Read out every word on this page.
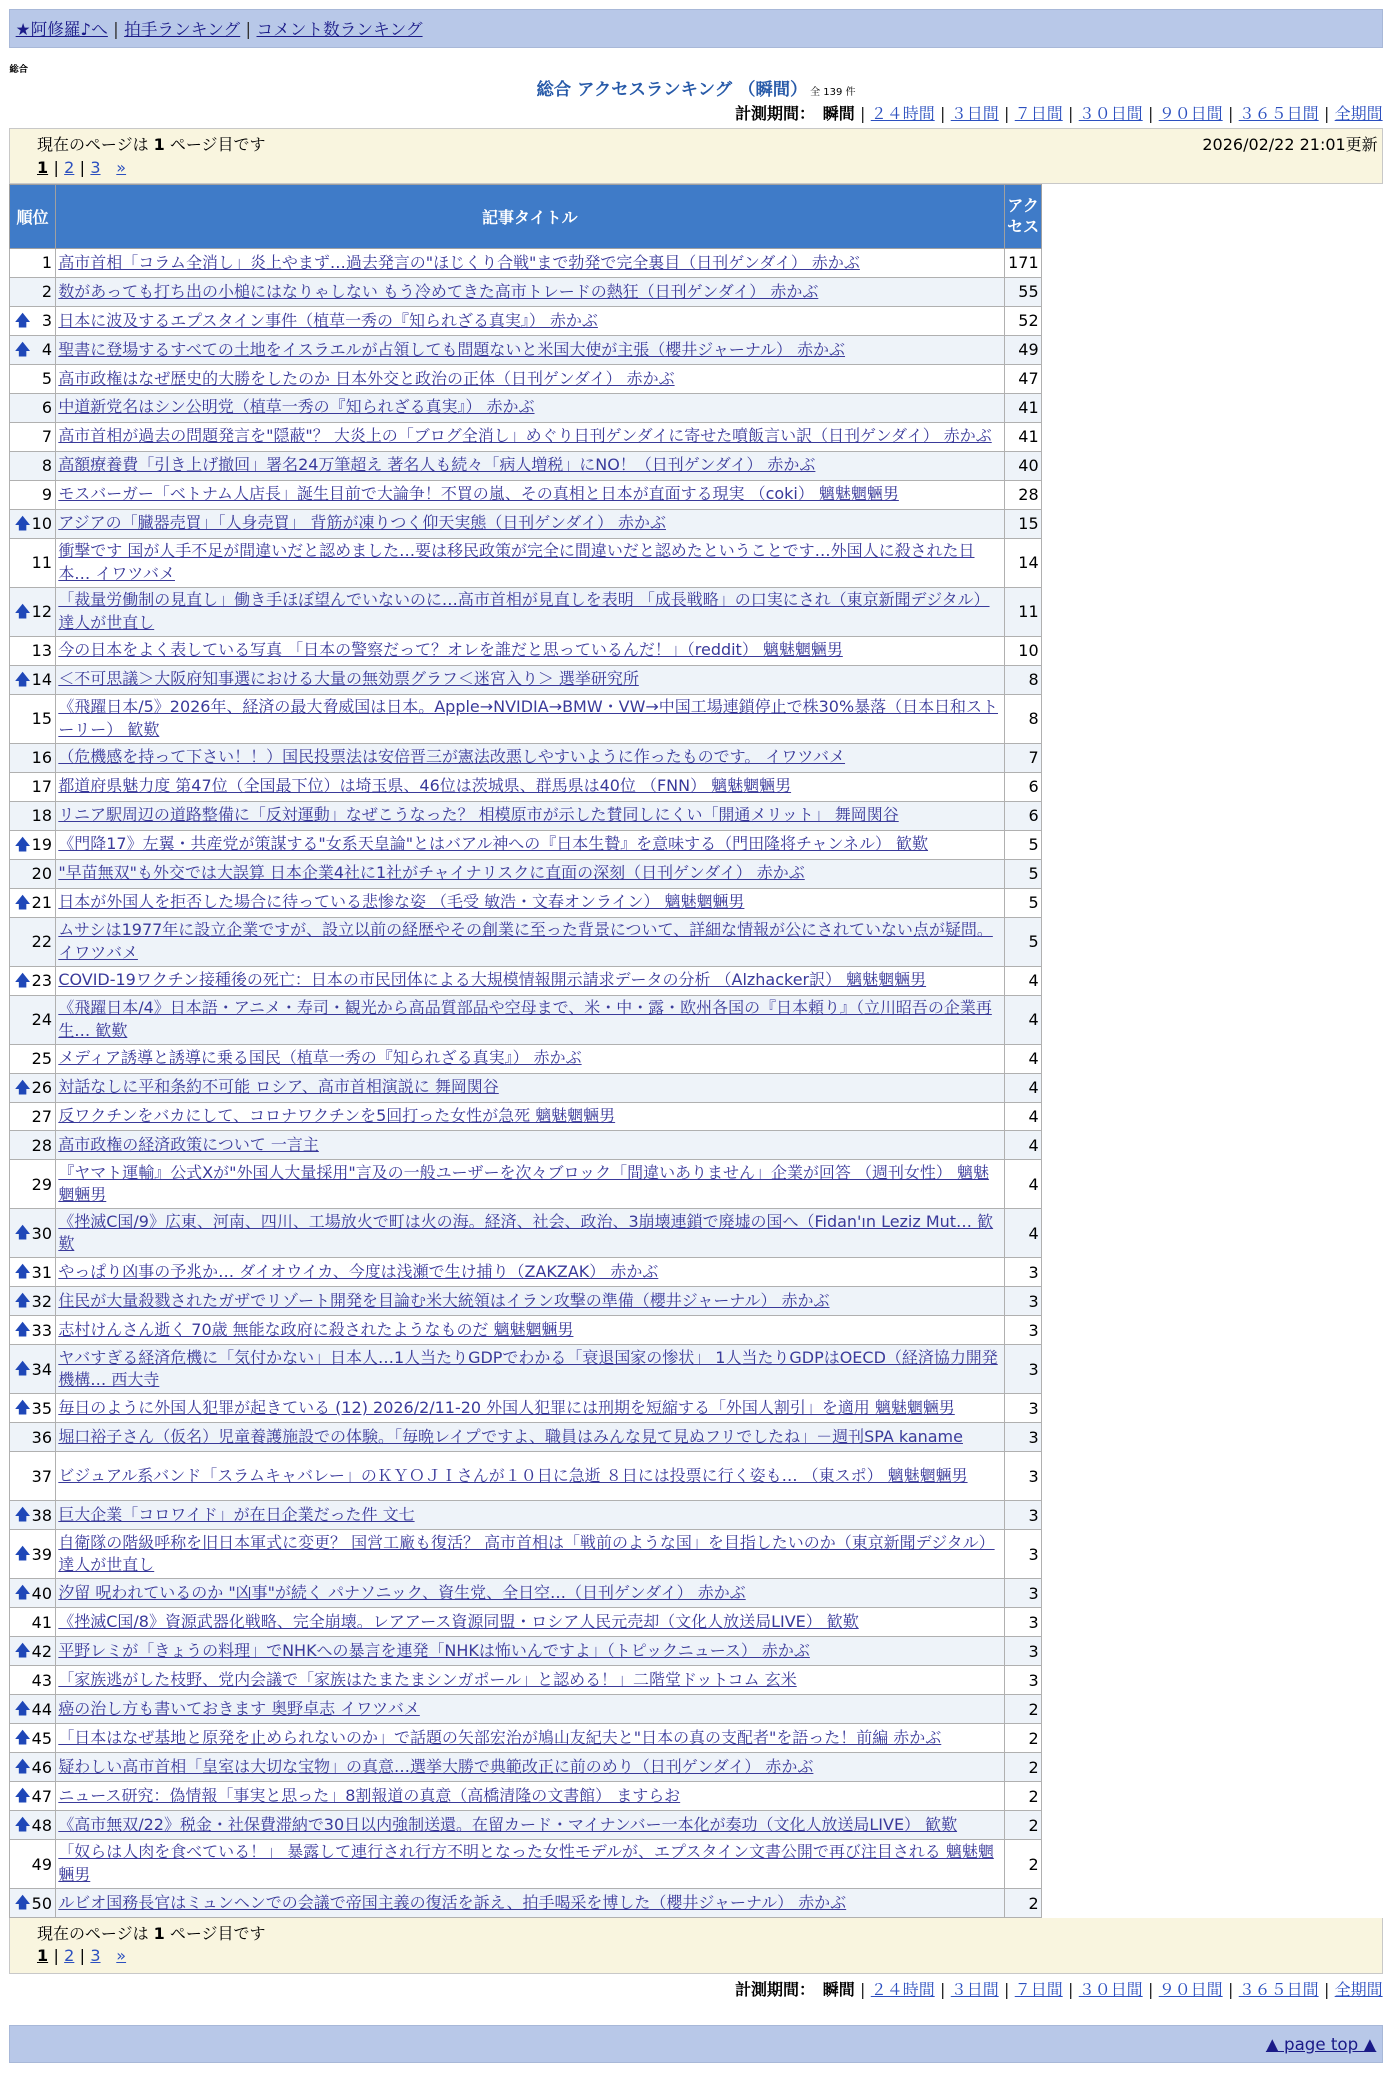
★阿修羅♪へ | 拍手ランキング | コメント数ランキング
総合
総合 アクセスランキング （瞬間） 全 139 件
計測期間： 瞬間 | ２４時間 | ３日間 | ７日間 | ３０日間 | ９０日間 | ３６５日間 | 全期間
現在のページは 1 ページ目です	2026/02/22 21:01更新
1 | 2 | 3 »
順位	記事タイトル	アクセス
1	高市首相「コラム全消し」炎上やまず…過去発言の"ほじくり合戦"まで勃発で完全裏目（日刊ゲンダイ） 赤かぶ	171
2	数があっても打ち出の小槌にはなりゃしない もう冷めてきた高市トレードの熱狂（日刊ゲンダイ） 赤かぶ	55

🡅 3	日本に波及するエプスタイン事件（植草一秀の『知られざる真実』） 赤かぶ	52

🡅 4	聖書に登場するすべての土地をイスラエルが占領しても問題ないと米国大使が主張（櫻井ジャーナル） 赤かぶ	49
5	高市政権はなぜ歴史的大勝をしたのか 日本外交と政治の正体（日刊ゲンダイ） 赤かぶ	47
6	中道新党名はシン公明党（植草一秀の『知られざる真実』） 赤かぶ	41
7	高市首相が過去の問題発言を"隠蔽"？ 大炎上の「ブログ全消し」めぐり日刊ゲンダイに寄せた噴飯言い訳（日刊ゲンダイ） 赤かぶ	41
8	高額療養費「引き上げ撤回」署名24万筆超え 著名人も続々「病人増税」にNO！（日刊ゲンダイ） 赤かぶ	40
9	モスバーガー「ベトナム人店長」誕生目前で大論争！不買の嵐、その真相と日本が直面する現実 （coki） 魑魅魍魎男	28

🡅 10	アジアの「臓器売買」「人身売買」 背筋が凍りつく仰天実態（日刊ゲンダイ） 赤かぶ	15
11	衝撃です 国が人手不足が間違いだと認めました…要は移民政策が完全に間違いだと認めたということです…外国人に殺された日本… イワツバメ	14

🡅 12	「裁量労働制の見直し」働き手ほぼ望んでいないのに…高市首相が見直しを表明 「成長戦略」の口実にされ（東京新聞デジタル） 達人が世直し	11
13	今の日本をよく表している写真 「日本の警察だって？オレを誰だと思っているんだ！」（reddit） 魑魅魍魎男	10

🡅 14	＜不可思議＞大阪府知事選における大量の無効票グラフ＜迷宮入り＞ 選挙研究所	8
15	《飛躍日本/5》2026年、経済の最大脅威国は日本。Apple→NVIDIA→BMW・VW→中国工場連鎖停止で株30%暴落（日本日和ストーリー） 歓歎	8
16	（危機感を持って下さい！！）国民投票法は安倍晋三が憲法改悪しやすいように作ったものです。 イワツバメ	7
17	都道府県魅力度 第47位（全国最下位）は埼玉県、46位は茨城県、群馬県は40位 （FNN） 魑魅魍魎男	6
18	リニア駅周辺の道路整備に「反対運動」なぜこうなった？ 相模原市が示した賛同しにくい「開通メリット」 舞岡関谷	6

🡅 19	《門降17》左翼・共産党が策謀する"女系天皇論"とはバアル神への『日本生贄』を意味する（門田隆将チャンネル） 歓歎	5
20	"早苗無双"も外交では大誤算 日本企業4社に1社がチャイナリスクに直面の深刻（日刊ゲンダイ） 赤かぶ	5

🡅 21	日本が外国人を拒否した場合に待っている悲惨な姿 （毛受 敏浩・文春オンライン） 魑魅魍魎男	5
22	ムサシは1977年に設立企業ですが、設立以前の経歴やその創業に至った背景について、詳細な情報が公にされていない点が疑問。 イワツバメ	5

🡅 23	COVID-19ワクチン接種後の死亡：日本の市民団体による大規模情報開示請求データの分析 （Alzhacker訳） 魑魅魍魎男	4
24	《飛躍日本/4》日本語・アニメ・寿司・観光から高品質部品や空母まで、米・中・露・欧州各国の『日本頼り』（立川昭吾の企業再生… 歓歎	4
25	メディア誘導と誘導に乗る国民（植草一秀の『知られざる真実』） 赤かぶ	4

🡅 26	対話なしに平和条約不可能 ロシア、高市首相演説に 舞岡関谷	4
27	反ワクチンをバカにして、コロナワクチンを5回打った女性が急死 魑魅魍魎男	4
28	高市政権の経済政策について 一言主	4
29	『ヤマト運輸』公式Xが"外国人大量採用"言及の一般ユーザーを次々ブロック「間違いありません」企業が回答 （週刊女性） 魑魅魍魎男	4

🡅 30	《挫滅C国/9》広東、河南、四川、工場放火で町は火の海。経済、社会、政治、3崩壊連鎖で廃墟の国へ（Fidan'ın Leziz Mut… 歓歎	4

🡅 31	やっぱり凶事の予兆か… ダイオウイカ、今度は浅瀬で生け捕り（ZAKZAK） 赤かぶ	3

🡅 32	住民が大量殺戮されたガザでリゾート開発を目論む米大統領はイラン攻撃の準備（櫻井ジャーナル） 赤かぶ	3

🡅 33	志村けんさん逝く 70歳 無能な政府に殺されたようなものだ 魑魅魍魎男	3

🡅 34	ヤバすぎる経済危機に「気付かない」日本人…1人当たりGDPでわかる「衰退国家の惨状」 1人当たりGDPはOECD（経済協力開発機構… 西大寺	3

🡅 35	毎日のように外国人犯罪が起きている (12) 2026/2/11-20 外国人犯罪には刑期を短縮する「外国人割引」を適用 魑魅魍魎男	3
36	堀口裕子さん（仮名）児童養護施設での体験。「毎晩レイプですよ、職員はみんな見て見ぬフリでしたね」－週刊SPA kaname	3
37	ビジュアル系バンド「スラムキャバレー」のＫＹＯＪＩさんが１０日に急逝 ８日には投票に行く姿も… （東スポ） 魑魅魍魎男	3

🡅 38	巨大企業「コロワイド」が在日企業だった件 文七	3

🡅 39	自衛隊の階級呼称を旧日本軍式に変更？ 国営工廠も復活？ 高市首相は「戦前のような国」を目指したいのか（東京新聞デジタル） 達人が世直し	3

🡅 40	汐留 呪われているのか "凶事"が続く パナソニック、資生党、全日空…（日刊ゲンダイ） 赤かぶ	3
41	《挫滅C国/8》資源武器化戦略、完全崩壊。レアアース資源同盟・ロシア人民元売却（文化人放送局LIVE） 歓歎	3

🡅 42	平野レミが「きょうの料理」でNHKへの暴言を連発「NHKは怖いんですよ」（トピックニュース） 赤かぶ	3
43	「家族逃がした枝野、党内会議で「家族はたまたまシンガポール」と認める！」二階堂ドットコム 玄米	3

🡅 44	癌の治し方も書いておきます 奥野卓志 イワツバメ	2

🡅 45	「日本はなぜ基地と原発を止められないのか」で話題の矢部宏治が鳩山友紀夫と"日本の真の支配者"を語った！前編 赤かぶ	2

🡅 46	疑わしい高市首相「皇室は大切な宝物」の真意…選挙大勝で典範改正に前のめり（日刊ゲンダイ） 赤かぶ	2

🡅 47	ニュース研究：偽情報「事実と思った」8割報道の真意（高橋清隆の文書館） ますらお	2

🡅 48	《高市無双/22》税金・社保費滞納で30日以内強制送還。在留カード・マイナンバー一本化が奏功（文化人放送局LIVE） 歓歎	2
49	「奴らは人肉を食べている！」 暴露して連行され行方不明となった女性モデルが、エプスタイン文書公開で再び注目される 魑魅魍魎男	2

🡅 50	ルビオ国務長官はミュンヘンでの会議で帝国主義の復活を訴え、拍手喝采を博した（櫻井ジャーナル） 赤かぶ	2
現在のページは 1 ページ目です
1 | 2 | 3 »
計測期間： 瞬間 | ２４時間 | ３日間 | ７日間 | ３０日間 | ９０日間 | ３６５日間 | 全期間
▲ page top ▲
